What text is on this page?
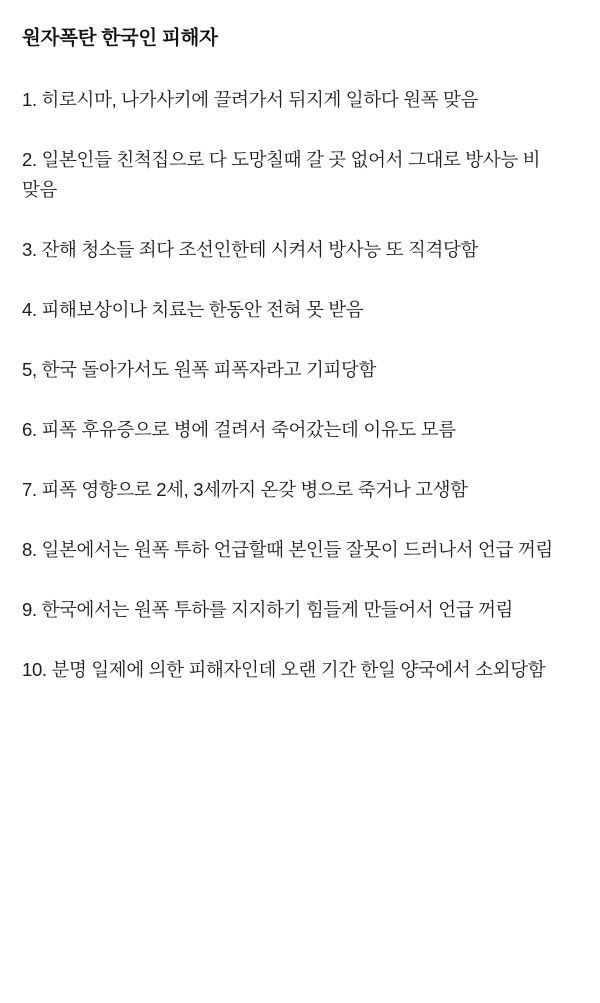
원자폭탄 한국인 피해자
1. 히로시마, 나가사키에 끌려가서 뒤지게 일하다 원폭 맞음
2. 일본인들 친척집으로 다 도망칠때 갈 곳 없어서 그대로 방사능 비 맞음
3. 잔해 청소들 죄다 조선인한테 시켜서 방사능 또 직격당함
4. 피해보상이나 치료는 한동안 전혀 못 받음
5, 한국 돌아가서도 원폭 피폭자라고 기피당함
6. 피폭 후유증으로 병에 걸려서 죽어갔는데 이유도 모름
7. 피폭 영향으로 2세, 3세까지 온갖 병으로 죽거나 고생함
8. 일본에서는 원폭 투하 언급할때 본인들 잘못이 드러나서 언급 꺼림
9. 한국에서는 원폭 투하를 지지하기 힘들게 만들어서 언급 꺼림
10. 분명 일제에 의한 피해자인데 오랜 기간 한일 양국에서 소외당함
